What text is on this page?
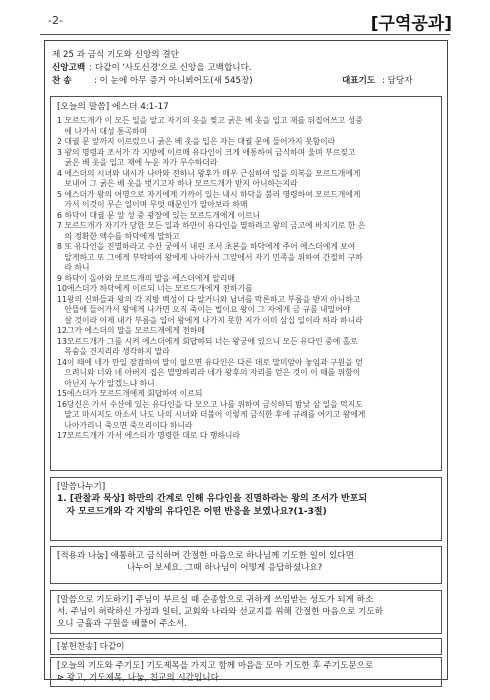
-2-	[구역공과]
제 25 과 금식 기도와 신앙의 결단
신앙고백 : 다같이 '사도신경'으로 신앙을 고백합니다.
찬 송	: 이 눈에 아무 증거 아니뵈어도(새 545장)	대표기도 : 담당자
[오늘의 말씀] 에스더 4:1-17
1 모르드개가 이 모든 일을 알고 자기의 옷을 찢고 굵은 베 옷을 입고 재를 뒤집어쓰고 성중
에 나가서 대성 통곡하며
2 대궐 문 앞까지 이르렀으니 굵은 베 옷을 입은 자는 대궐 문에 들어가지 못함이라
3 왕의 명령과 조서가 각 지방에 이르매 유다인이 크게 애통하여 금식하며 울며 부르짖고
굵은 베 옷을 입고 재에 누운 자가 무수하더라
4 에스더의 시녀와 내시가 나아와 전하니 왕후가 매우 근심하여 입을 의복을 모르드개에게
보내어 그 굵은 베 옷을 벗기고자 하나 모르드개가 받지 아니하는지라
5 에스더가 왕의 어명으로 자기에게 가까이 있는 내시 하닥을 불러 명령하여 모르드개에게
가서 이것이 무슨 일이며 무엇 때문인가 알아보라 하매
6 하닥이 대궐 문 앞 성 중 광장에 있는 모르드개에게 이르니
7 모르드개가 자기가 당한 모든 일과 하만이 유다인을 멸하려고 왕의 금고에 바치기로 한 은
의 정확한 액수를 하닥에게 말하고
8 또 유다인을 진멸하라고 수산 궁에서 내린 조서 초본을 하닥에게 주어 에스더에게 보여
알게하고 또 그에게 부탁하여 왕에게 나아가서 그앞에서 자기 민족을 위하여 간절히 구하
라 하니
9 하닥이 돌아와 모르드개의 말을 에스더에게 알리매
10에스더가 하닥에게 이르되 너는 모르드개에게 전하기를
11왕의 신하들과 왕의 각 지방 백성이 다 알거니와 남녀를 막론하고 부름을 받지 아니하고
안뜰에 들어가서 왕에게 나가면 오직 죽이는 법이요 왕이 그 자에게 금 규를 내밀어야
살 것이라 이제 내가 부름을 입어 왕에게 나가지 못한 지가 이미 삼십 일이라 하라 하니라
12그가 에스더의 말을 모르드개에게 전하매
13모르드개가 그를 시켜 에스더에게 회답하되 너는 왕궁에 있으니 모든 유다인 중에 홀로
목숨을 건지리라 생각하지 말라
14이 때에 네가 만일 잠잠하여 말이 없으면 유다인은 다른 데로 말미암아 놓임과 구원을 얻
으려니와 너와 네 아버지 집은 멸망하리라 네가 왕후의 자리를 얻은 것이 이 때를 위함이
아닌지 누가 알겠느냐 하니
15에스더가 모르드개에게 회답하여 이르되
16당신은 가서 수산에 있는 유다인을 다 모으고 나를 위하여 금식하되 밤낮 삼 일을 먹지도
말고 마시지도 마소서 나도 나의 시녀와 더불어 이렇게 금식한 후에 규례를 어기고 왕에게
나아가리니 죽으면 죽으리이다 하니라
17모르드개가 가서 에스더가 명령한 대로 다 행하니라
[말씀나누기]
1. [관찰과 묵상] 하만의 간계로 인해 유다인을 진멸하라는 왕의 조서가 반포되
자 모르드개와 각 지방의 유다인은 어떤 반응을 보였나요?(1-3절)
[적용과 나눔] 애통하고 금식하며 간절한 마음으로 하나님께 기도한 일이 있다면
나누어 보세요. 그때 하나님이 어떻게 응답하셨나요?
[말씀으로 기도하기] 주님이 부르실 때 순종함으로 귀하게 쓰임받는 성도가 되게 하소
서. 주님이 허락하신 가정과 일터, 교회와 나라와 선교지를 위해 간절한 마음으로 기도하
오니 긍휼과 구원을 베풀어 주소서.
[봉헌찬송] 다같이
[오늘의 기도와 주기도] 기도제목을 가지고 함께 마음을 모아 기도한 후 주기도문으로
⊳ 광고, 기도제목, 나눔, 친교의 시간입니다.
